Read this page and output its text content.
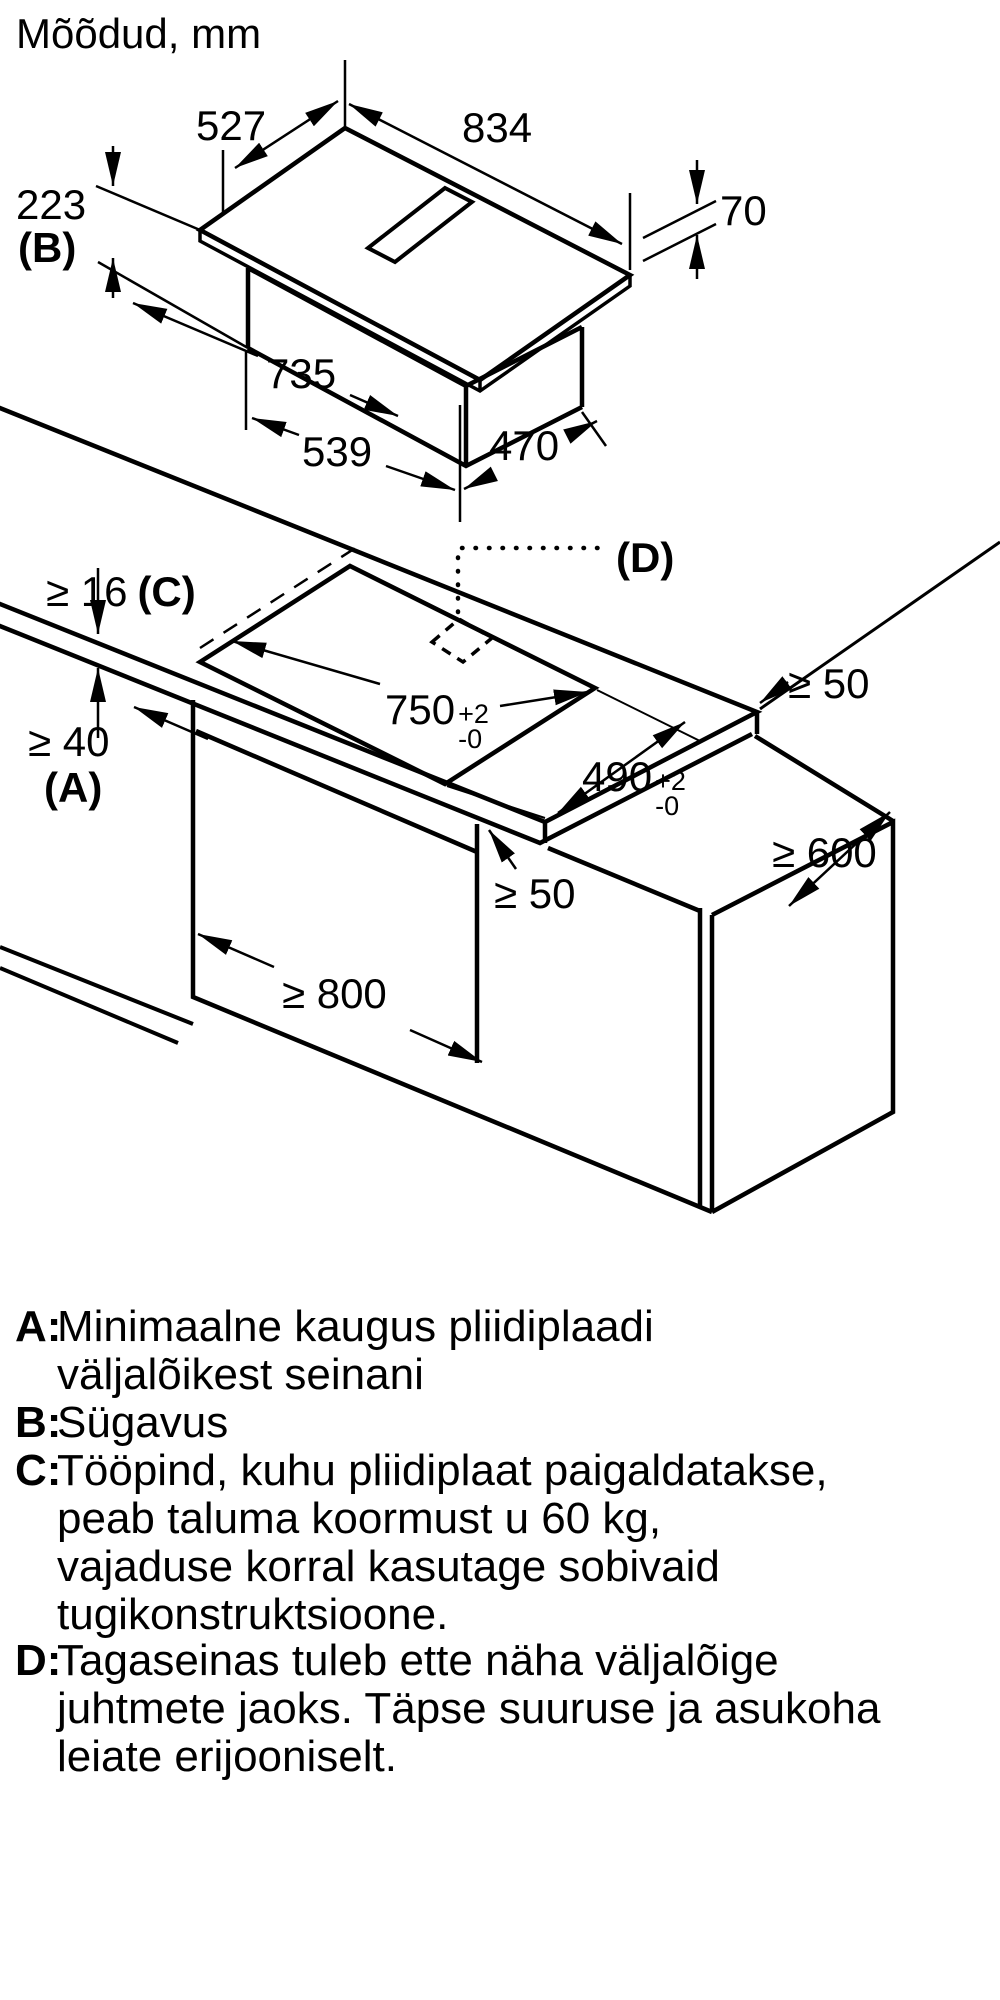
Mõõdud, mm
527	834
70
223
(B)
735
539	470
≥ 16 (C)
(D)
≥ 40
(A)
750 +2
-0
490 +2
-0
≥ 50
≥ 600
≥ 50
≥ 800
A:
Minimaalne kaugus pliidiplaadi
väljalõikest seinani
B:
Sügavus
C:
Tööpind, kuhu pliidiplaat paigaldatakse,
peab taluma koormust u 60 kg,
vajaduse korral kasutage sobivaid
tugikonstruktsioone.
D:
Tagaseinas tuleb ette näha väljalõige
juhtmete jaoks. Täpse suuruse ja asukoha
leiate erijooniselt.
